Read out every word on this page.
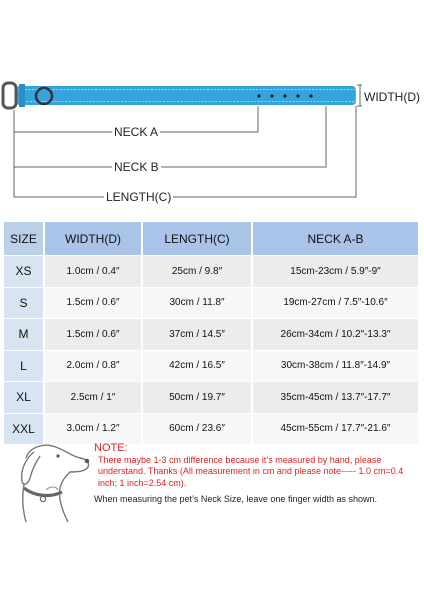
WIDTH(D)
NECK A
NECK B
LENGTH(C)
SIZE	WIDTH(D)	LENGTH(C)	NECK A-B
XS	1.0cm / 0.4″	25cm / 9.8″	15cm-23cm / 5.9″-9″
S	1.5cm / 0.6″	30cm / 11.8″	19cm-27cm / 7.5″-10.6″
M	1.5cm / 0.6″	37cm / 14.5″	26cm-34cm / 10.2″-13.3″
L	2.0cm / 0.8″	42cm / 16.5″	30cm-38cm / 11.8″-14.9″
XL	2.5cm / 1″	50cm / 19.7″	35cm-45cm / 13.7″-17.7″
XXL	3.0cm / 1.2″	60cm / 23.6″	45cm-55cm / 17.7″-21.6″
NOTE:
There maybe 1-3 cm difference because it’s measured by hand, please understand. Thanks (All measurement in cm and please note----- 1.0 cm=0.4 inch; 1 inch=2.54 cm).
When measuring the pet’s Neck Size, leave one finger width as shown.
